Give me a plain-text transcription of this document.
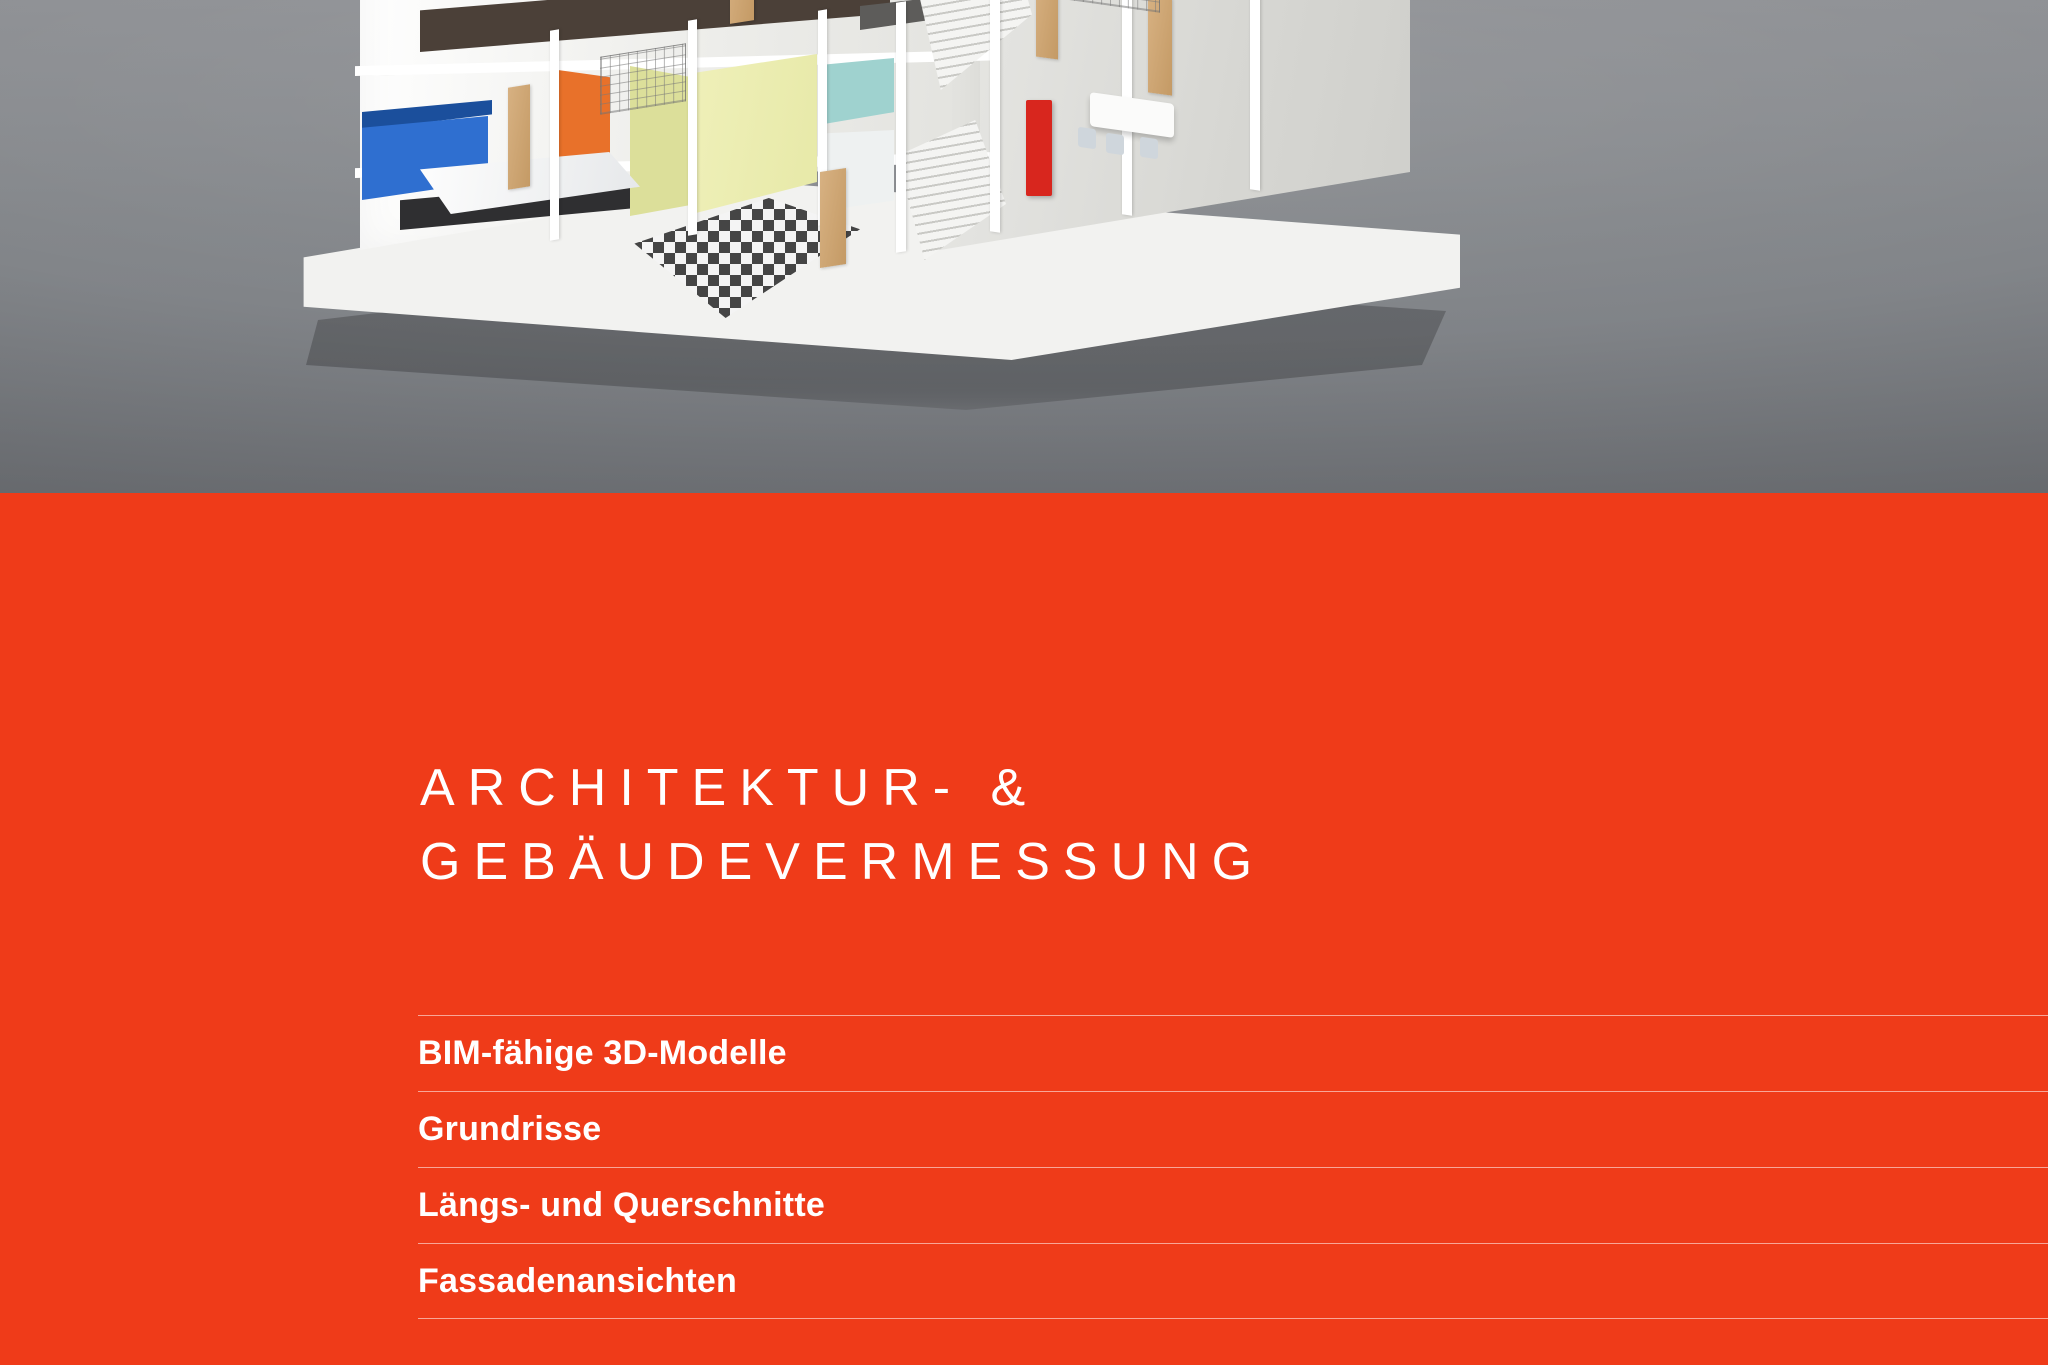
ARCHITEKTUR- &
GEBÄUDEVERMESSUNG
BIM-fähige 3D-Modelle
Grundrisse
Längs- und Querschnitte
Fassadenansichten
